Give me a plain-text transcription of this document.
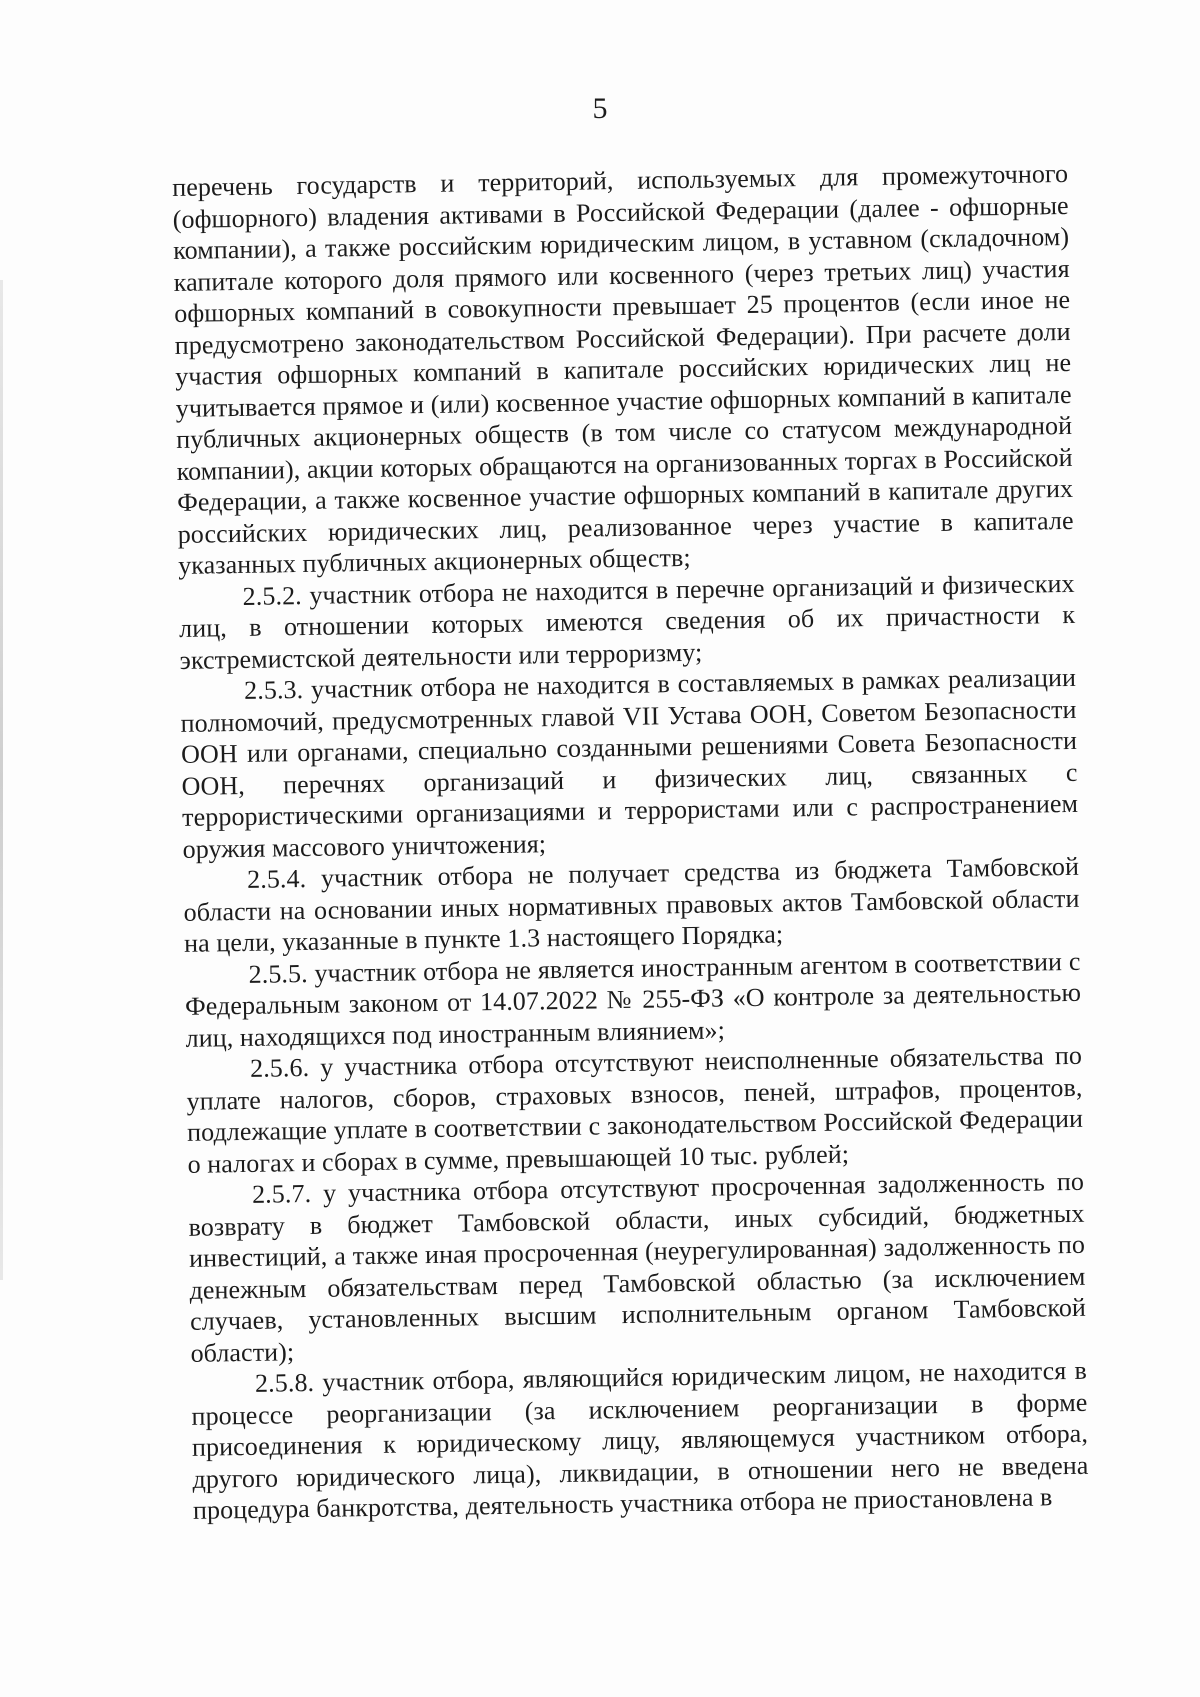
5

перечень государств и территорий, используемых для промежуточного (офшорного) владения активами в Российской Федерации (далее - офшорные компании), а также российским юридическим лицом, в уставном (складочном) капитале которого доля прямого или косвенного (через третьих лиц) участия офшорных компаний в совокупности превышает 25 процентов (если иное не предусмотрено законодательством Российской Федерации). При расчете доли участия офшорных компаний в капитале российских юридических лиц не учитывается прямое и (или) косвенное участие офшорных компаний в капитале публичных акционерных обществ (в том числе со статусом международной компании), акции которых обращаются на организованных торгах в Российской Федерации, а также косвенное участие офшорных компаний в капитале других российских юридических лиц, реализованное через участие в капитале указанных публичных акционерных обществ;

2.5.2. участник отбора не находится в перечне организаций и физических лиц, в отношении которых имеются сведения об их причастности к экстремистской деятельности или терроризму;

2.5.3. участник отбора не находится в составляемых в рамках реализации полномочий, предусмотренных главой VII Устава ООН, Советом Безопасности ООН или органами, специально созданными решениями Совета Безопасности ООН, перечнях организаций и физических лиц, связанных с террористическими организациями и террористами или с распространением оружия массового уничтожения;

2.5.4. участник отбора не получает средства из бюджета Тамбовской области на основании иных нормативных правовых актов Тамбовской области на цели, указанные в пункте 1.3 настоящего Порядка;

2.5.5. участник отбора не является иностранным агентом в соответствии с Федеральным законом от 14.07.2022 № 255-ФЗ «О контроле за деятельностью лиц, находящихся под иностранным влиянием»;

2.5.6. у участника отбора отсутствуют неисполненные обязательства по уплате налогов, сборов, страховых взносов, пеней, штрафов, процентов, подлежащие уплате в соответствии с законодательством Российской Федерации о налогах и сборах в сумме, превышающей 10 тыс. рублей;

2.5.7. у участника отбора отсутствуют просроченная задолженность по возврату в бюджет Тамбовской области, иных субсидий, бюджетных инвестиций, а также иная просроченная (неурегулированная) задолженность по денежным обязательствам перед Тамбовской областью (за исключением случаев, установленных высшим исполнительным органом Тамбовской области);

2.5.8. участник отбора, являющийся юридическим лицом, не находится в процессе реорганизации (за исключением реорганизации в форме присоединения к юридическому лицу, являющемуся участником отбора, другого юридического лица), ликвидации, в отношении него не введена процедура банкротства, деятельность участника отбора не приостановлена в
